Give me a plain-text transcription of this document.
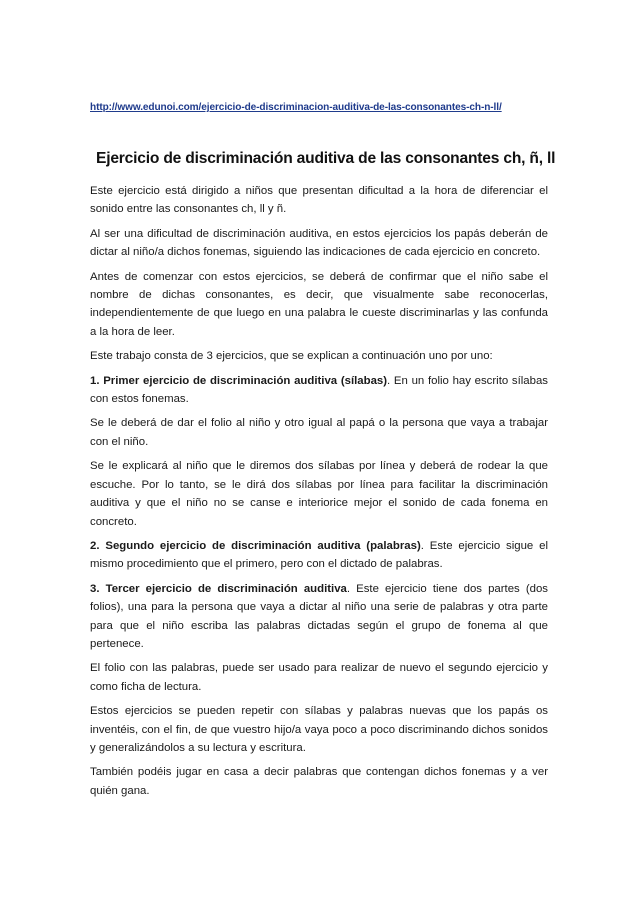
http://www.edunoi.com/ejercicio-de-discriminacion-auditiva-de-las-consonantes-ch-n-ll/
Ejercicio de discriminación auditiva de las consonantes ch, ñ, ll

Este ejercicio está dirigido a niños que presentan dificultad a la hora de diferenciar el sonido entre las consonantes ch, ll y ñ.

Al ser una dificultad de discriminación auditiva, en estos ejercicios los papás deberán de dictar al niño/a dichos fonemas, siguiendo las indicaciones de cada ejercicio en concreto.

Antes de comenzar con estos ejercicios, se deberá de confirmar que el niño sabe el nombre de dichas consonantes, es decir, que visualmente sabe reconocerlas, independientemente de que luego en una palabra le cueste discriminarlas y las confunda a la hora de leer.

Este trabajo consta de 3 ejercicios, que se explican a continuación uno por uno:

1. Primer ejercicio de discriminación auditiva (sílabas). En un folio hay escrito sílabas con estos fonemas.

Se le deberá de dar el folio al niño y otro igual al papá o la persona que vaya a trabajar con el niño.

Se le explicará al niño que le diremos dos sílabas por línea y deberá de rodear la que escuche. Por lo tanto, se le dirá dos sílabas por línea para facilitar la discriminación auditiva y que el niño no se canse e interiorice mejor el sonido de cada fonema en concreto.

2. Segundo ejercicio de discriminación auditiva (palabras). Este ejercicio sigue el mismo procedimiento que el primero, pero con el dictado de palabras.

3. Tercer ejercicio de discriminación auditiva. Este ejercicio tiene dos partes (dos folios), una para la persona que vaya a dictar al niño una serie de palabras y otra parte para que el niño escriba las palabras dictadas según el grupo de fonema al que pertenece.

El folio con las palabras, puede ser usado para realizar de nuevo el segundo ejercicio y como ficha de lectura.

Estos ejercicios se pueden repetir con sílabas y palabras nuevas que los papás os inventéis, con el fin, de que vuestro hijo/a vaya poco a poco discriminando dichos sonidos y generalizándolos a su lectura y escritura.

También podéis jugar en casa a decir palabras que contengan dichos fonemas y a ver quién gana.
